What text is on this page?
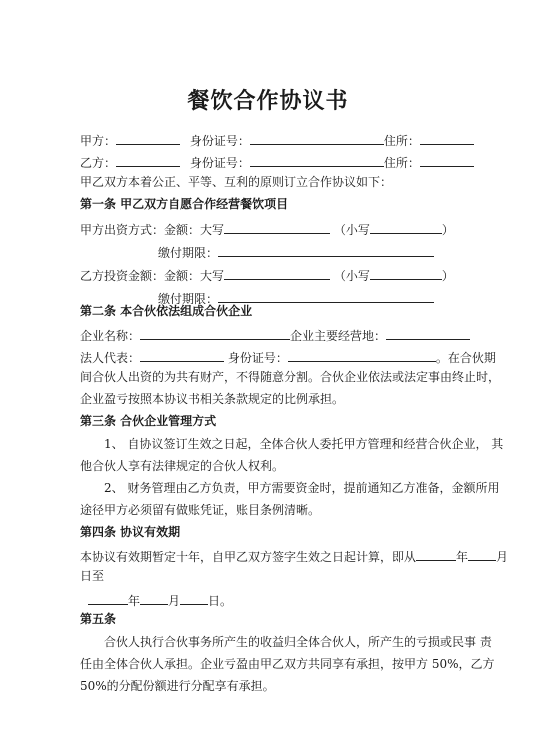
餐饮合作协议书
甲方：	身份证号：	住所：
乙方：	身份证号：	住所：
甲乙双方本着公正、平等、互利的原则订立合作协议如下：
第一条 甲乙双方自愿合作经营餐饮项目
甲方出资方式：金额：大写	（小写	）
缴付期限：
乙方投资金额：金额：大写	（小写	）
缴付期限：
第二条 本合伙依法组成合伙企业
企业名称：	企业主要经营地：
法人代表：	身份证号：	。在合伙期
间合伙人出资的为共有财产，不得随意分割。合伙企业依法或法定事由终止时，
企业盈亏按照本协议书相关条款规定的比例承担。
第三条 合伙企业管理方式
1、 自协议签订生效之日起，全体合伙人委托甲方管理和经营合伙企业， 其
他合伙人享有法律规定的合伙人权利。
2、 财务管理由乙方负责，甲方需要资金时，提前通知乙方准备，金额所用
途径甲方必须留有做账凭证，账目条例清晰。
第四条 协议有效期
本协议有效期暂定十年，自甲乙双方签字生效之日起计算，即从	年 月
日至
年 月 日。
第五条
合伙人执行合伙事务所产生的收益归全体合伙人，所产生的亏损或民事 责
任由全体合伙人承担。企业亏盈由甲乙双方共同享有承担，按甲方 50%，乙方
50%的分配份额进行分配享有承担。
